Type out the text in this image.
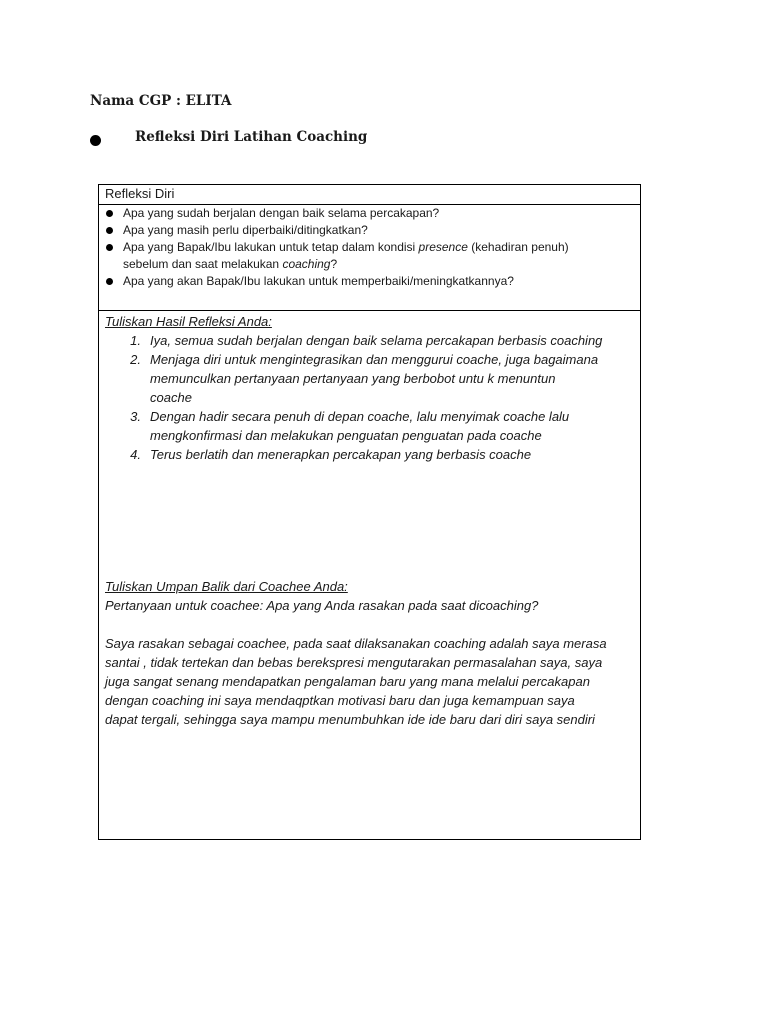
Nama CGP : ELITA
Refleksi Diri Latihan Coaching
Refleksi Diri
Apa yang sudah berjalan dengan baik selama percakapan?
Apa yang masih perlu diperbaiki/ditingkatkan?
Apa yang Bapak/Ibu lakukan untuk tetap dalam kondisi presence (kehadiran penuh)
sebelum dan saat melakukan coaching?
Apa yang akan Bapak/Ibu lakukan untuk memperbaiki/meningkatkannya?
Tuliskan Hasil Refleksi Anda:
1. Iya, semua sudah berjalan dengan baik selama percakapan berbasis coaching
2. Menjaga diri untuk mengintegrasikan dan menggurui coache, juga bagaimana
memunculkan pertanyaan pertanyaan yang berbobot untu k menuntun
coache
3. Dengan hadir secara penuh di depan coache, lalu menyimak coache lalu
mengkonfirmasi dan melakukan penguatan penguatan pada coache
4. Terus berlatih dan menerapkan percakapan yang berbasis coache
Tuliskan Umpan Balik dari Coachee Anda:
Pertanyaan untuk coachee: Apa yang Anda rasakan pada saat dicoaching?
Saya rasakan sebagai coachee, pada saat dilaksanakan coaching adalah saya merasa
santai , tidak tertekan dan bebas berekspresi mengutarakan permasalahan saya, saya
juga sangat senang mendapatkan pengalaman baru yang mana melalui percakapan
dengan coaching ini saya mendaqptkan motivasi baru dan juga kemampuan saya
dapat tergali, sehingga saya mampu menumbuhkan ide ide baru dari diri saya sendiri
